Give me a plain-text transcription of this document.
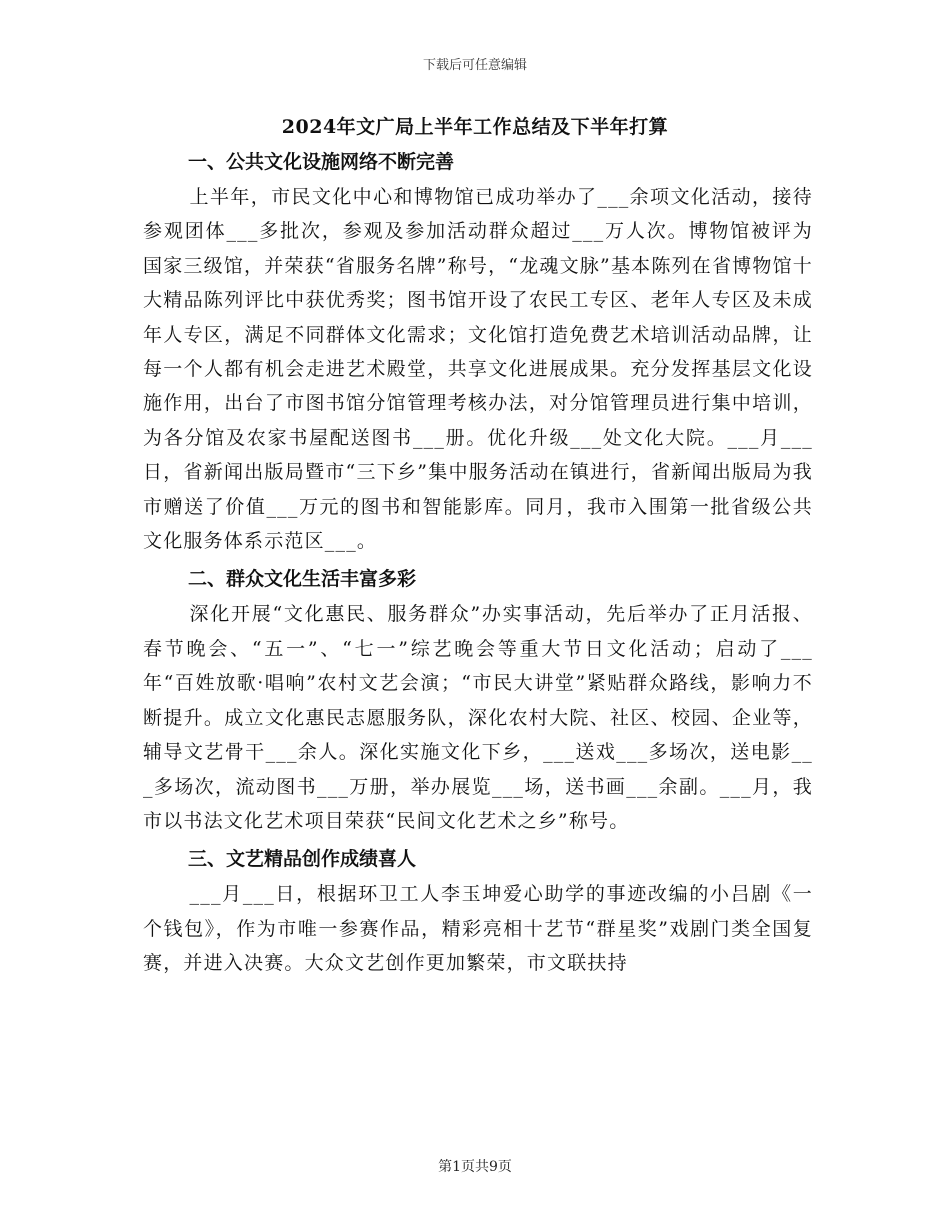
下载后可任意编辑
2024年文广局上半年工作总结及下半年打算
一、公共文化设施网络不断完善

上半年，市民文化中心和博物馆已成功举办了___余项文化活动，接待参观团体___多批次，参观及参加活动群众超过___万人次。博物馆被评为国家三级馆，并荣获“省服务名牌”称号，“龙魂文脉”基本陈列在省博物馆十大精品陈列评比中获优秀奖；图书馆开设了农民工专区、老年人专区及未成年人专区，满足不同群体文化需求；文化馆打造免费艺术培训活动品牌，让每一个人都有机会走进艺术殿堂，共享文化进展成果。充分发挥基层文化设施作用，出台了市图书馆分馆管理考核办法，对分馆管理员进行集中培训，为各分馆及农家书屋配送图书___册。优化升级___处文化大院。___月___日，省新闻出版局暨市“三下乡”集中服务活动在镇进行，省新闻出版局为我市赠送了价值___万元的图书和智能影库。同月，我市入围第一批省级公共文化服务体系示范区___。

二、群众文化生活丰富多彩

深化开展“文化惠民、服务群众”办实事活动，先后举办了正月活报、春节晚会、“五一”、“七一”综艺晚会等重大节日文化活动；启动了___年“百姓放歌·唱响”农村文艺会演；“市民大讲堂”紧贴群众路线，影响力不断提升。成立文化惠民志愿服务队，深化农村大院、社区、校园、企业等，辅导文艺骨干___余人。深化实施文化下乡，___送戏___多场次，送电影___多场次，流动图书___万册，举办展览___场，送书画___余副。___月，我市以书法文化艺术项目荣获“民间文化艺术之乡”称号。

三、文艺精品创作成绩喜人

___月___日，根据环卫工人李玉坤爱心助学的事迹改编的小吕剧《一个钱包》，作为市唯一参赛作品，精彩亮相十艺节“群星奖”戏剧门类全国复赛，并进入决赛。大众文艺创作更加繁荣，市文联扶持

第1页共9页
